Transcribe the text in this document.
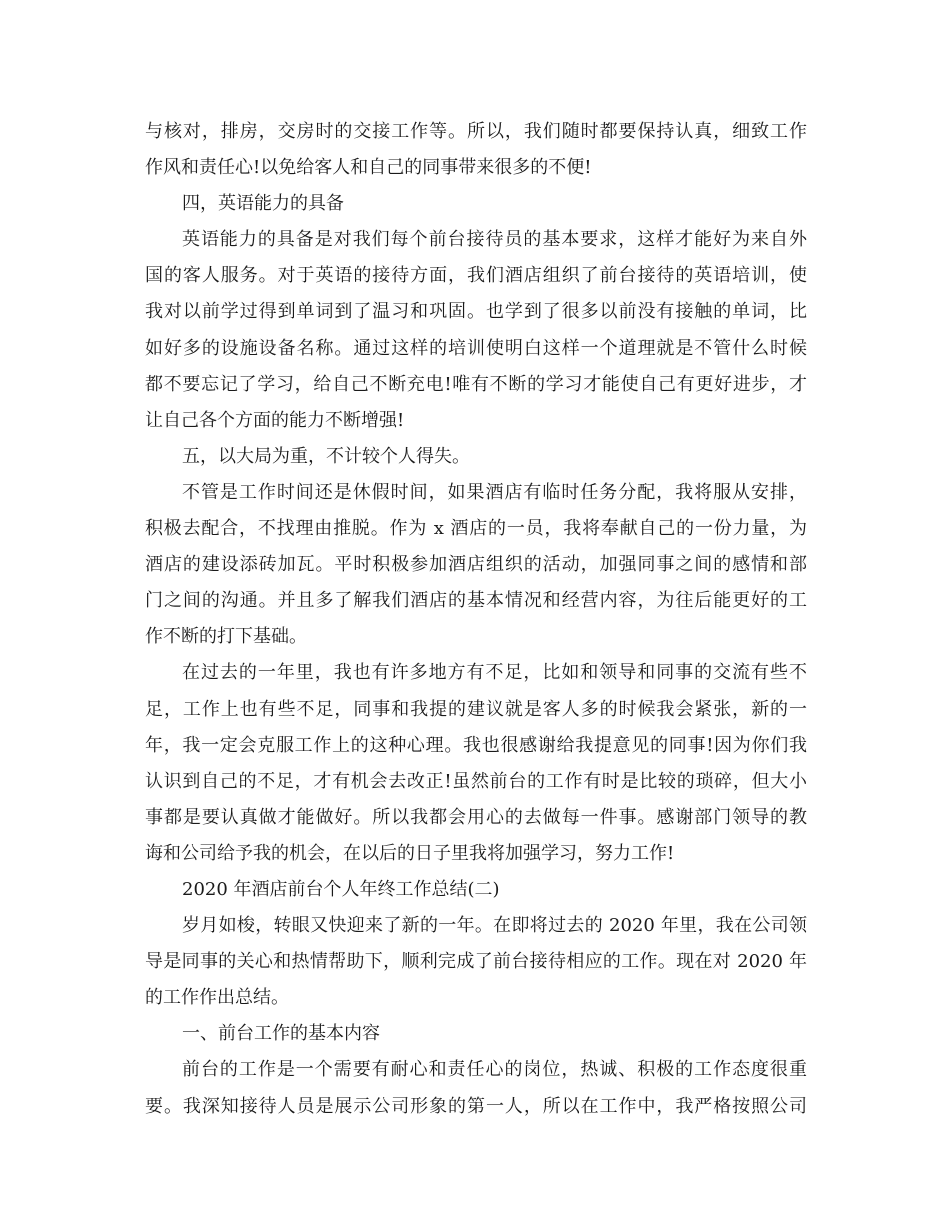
与核对，排房，交房时的交接工作等。所以，我们随时都要保持认真，细致工作
作风和责任心!以免给客人和自己的同事带来很多的不便!
四，英语能力的具备
英语能力的具备是对我们每个前台接待员的基本要求，这样才能好为来自外
国的客人服务。对于英语的接待方面，我们酒店组织了前台接待的英语培训，使
我对以前学过得到单词到了温习和巩固。也学到了很多以前没有接触的单词，比
如好多的设施设备名称。通过这样的培训使明白这样一个道理就是不管什么时候
都不要忘记了学习，给自己不断充电!唯有不断的学习才能使自己有更好进步，才
让自己各个方面的能力不断增强!
五，以大局为重，不计较个人得失。
不管是工作时间还是休假时间，如果酒店有临时任务分配，我将服从安排，
积极去配合，不找理由推脱。作为 x 酒店的一员，我将奉献自己的一份力量，为
酒店的建设添砖加瓦。平时积极参加酒店组织的活动，加强同事之间的感情和部
门之间的沟通。并且多了解我们酒店的基本情况和经营内容，为往后能更好的工
作不断的打下基础。
在过去的一年里，我也有许多地方有不足，比如和领导和同事的交流有些不
足，工作上也有些不足，同事和我提的建议就是客人多的时候我会紧张，新的一
年，我一定会克服工作上的这种心理。我也很感谢给我提意见的同事!因为你们我
认识到自己的不足，才有机会去改正!虽然前台的工作有时是比较的琐碎，但大小
事都是要认真做才能做好。所以我都会用心的去做每一件事。感谢部门领导的教
诲和公司给予我的机会，在以后的日子里我将加强学习，努力工作!
2020 年酒店前台个人年终工作总结(二)
岁月如梭，转眼又快迎来了新的一年。在即将过去的 2020 年里，我在公司领
导是同事的关心和热情帮助下，顺利完成了前台接待相应的工作。现在对 2020 年
的工作作出总结。
一、前台工作的基本内容
前台的工作是一个需要有耐心和责任心的岗位，热诚、积极的工作态度很重
要。我深知接待人员是展示公司形象的第一人，所以在工作中，我严格按照公司
